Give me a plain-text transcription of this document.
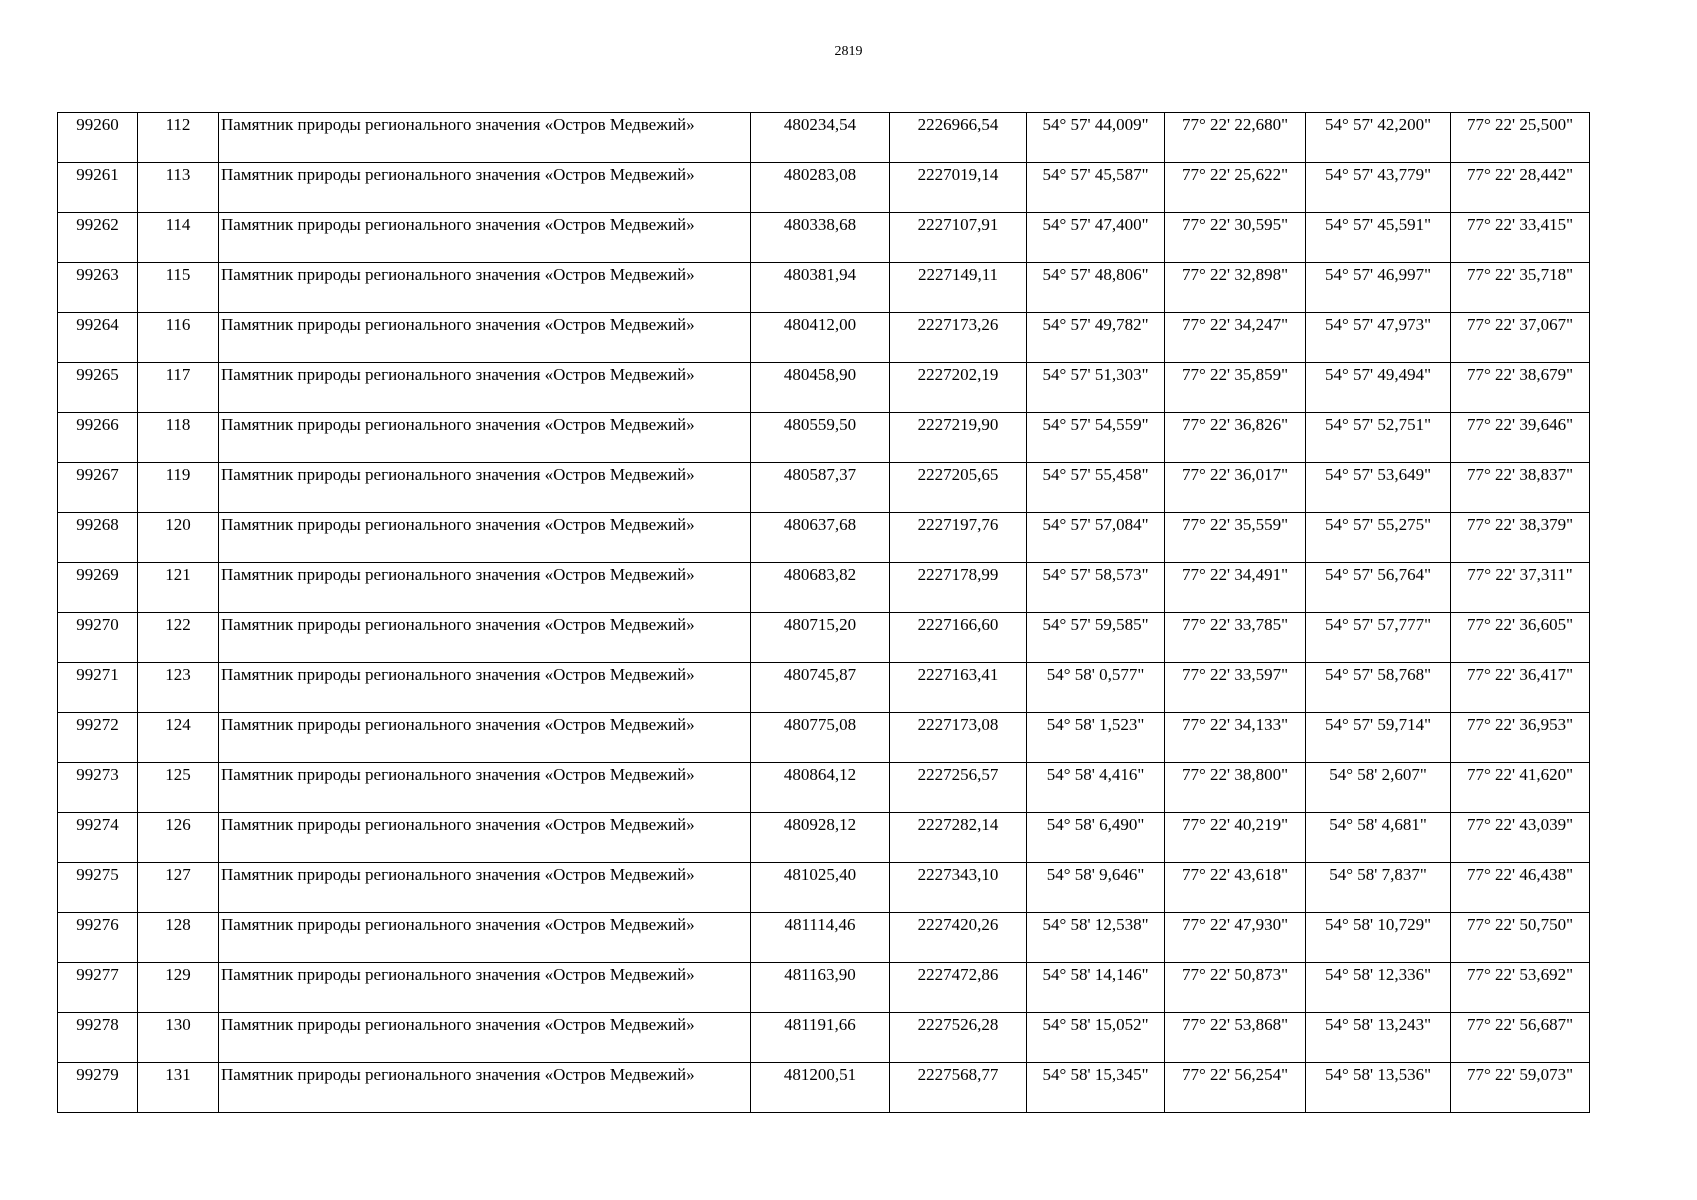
2819
99260	112	Памятник природы регионального значения «Остров Медвежий»	480234,54	2226966,54	54° 57' 44,009"	77° 22' 22,680"	54° 57' 42,200"	77° 22' 25,500"
99261	113	Памятник природы регионального значения «Остров Медвежий»	480283,08	2227019,14	54° 57' 45,587"	77° 22' 25,622"	54° 57' 43,779"	77° 22' 28,442"
99262	114	Памятник природы регионального значения «Остров Медвежий»	480338,68	2227107,91	54° 57' 47,400"	77° 22' 30,595"	54° 57' 45,591"	77° 22' 33,415"
99263	115	Памятник природы регионального значения «Остров Медвежий»	480381,94	2227149,11	54° 57' 48,806"	77° 22' 32,898"	54° 57' 46,997"	77° 22' 35,718"
99264	116	Памятник природы регионального значения «Остров Медвежий»	480412,00	2227173,26	54° 57' 49,782"	77° 22' 34,247"	54° 57' 47,973"	77° 22' 37,067"
99265	117	Памятник природы регионального значения «Остров Медвежий»	480458,90	2227202,19	54° 57' 51,303"	77° 22' 35,859"	54° 57' 49,494"	77° 22' 38,679"
99266	118	Памятник природы регионального значения «Остров Медвежий»	480559,50	2227219,90	54° 57' 54,559"	77° 22' 36,826"	54° 57' 52,751"	77° 22' 39,646"
99267	119	Памятник природы регионального значения «Остров Медвежий»	480587,37	2227205,65	54° 57' 55,458"	77° 22' 36,017"	54° 57' 53,649"	77° 22' 38,837"
99268	120	Памятник природы регионального значения «Остров Медвежий»	480637,68	2227197,76	54° 57' 57,084"	77° 22' 35,559"	54° 57' 55,275"	77° 22' 38,379"
99269	121	Памятник природы регионального значения «Остров Медвежий»	480683,82	2227178,99	54° 57' 58,573"	77° 22' 34,491"	54° 57' 56,764"	77° 22' 37,311"
99270	122	Памятник природы регионального значения «Остров Медвежий»	480715,20	2227166,60	54° 57' 59,585"	77° 22' 33,785"	54° 57' 57,777"	77° 22' 36,605"
99271	123	Памятник природы регионального значения «Остров Медвежий»	480745,87	2227163,41	54° 58' 0,577"	77° 22' 33,597"	54° 57' 58,768"	77° 22' 36,417"
99272	124	Памятник природы регионального значения «Остров Медвежий»	480775,08	2227173,08	54° 58' 1,523"	77° 22' 34,133"	54° 57' 59,714"	77° 22' 36,953"
99273	125	Памятник природы регионального значения «Остров Медвежий»	480864,12	2227256,57	54° 58' 4,416"	77° 22' 38,800"	54° 58' 2,607"	77° 22' 41,620"
99274	126	Памятник природы регионального значения «Остров Медвежий»	480928,12	2227282,14	54° 58' 6,490"	77° 22' 40,219"	54° 58' 4,681"	77° 22' 43,039"
99275	127	Памятник природы регионального значения «Остров Медвежий»	481025,40	2227343,10	54° 58' 9,646"	77° 22' 43,618"	54° 58' 7,837"	77° 22' 46,438"
99276	128	Памятник природы регионального значения «Остров Медвежий»	481114,46	2227420,26	54° 58' 12,538"	77° 22' 47,930"	54° 58' 10,729"	77° 22' 50,750"
99277	129	Памятник природы регионального значения «Остров Медвежий»	481163,90	2227472,86	54° 58' 14,146"	77° 22' 50,873"	54° 58' 12,336"	77° 22' 53,692"
99278	130	Памятник природы регионального значения «Остров Медвежий»	481191,66	2227526,28	54° 58' 15,052"	77° 22' 53,868"	54° 58' 13,243"	77° 22' 56,687"
99279	131	Памятник природы регионального значения «Остров Медвежий»	481200,51	2227568,77	54° 58' 15,345"	77° 22' 56,254"	54° 58' 13,536"	77° 22' 59,073"
